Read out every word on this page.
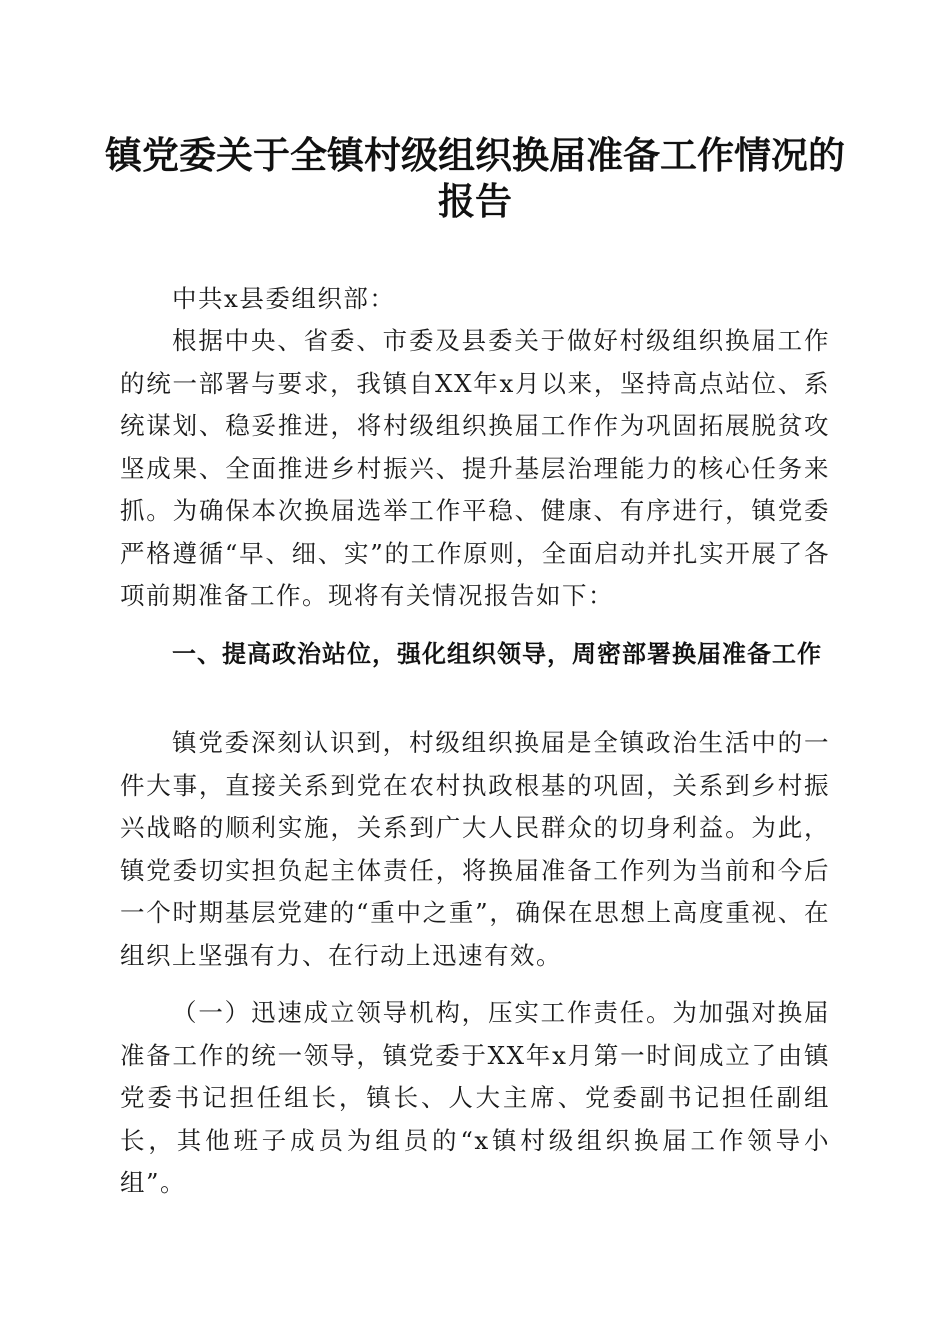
镇党委关于全镇村级组织换届准备工作情况的
报告
中共x县委组织部：
根据中央、省委、市委及县委关于做好村级组织换届工作的统一部署与要求，我镇自XX年x月以来，坚持高点站位、系统谋划、稳妥推进，将村级组织换届工作作为巩固拓展脱贫攻坚成果、全面推进乡村振兴、提升基层治理能力的核心任务来抓。为确保本次换届选举工作平稳、健康、有序进行，镇党委严格遵循“早、细、实”的工作原则，全面启动并扎实开展了各项前期准备工作。现将有关情况报告如下：
一、提高政治站位，强化组织领导，周密部署换届准备工作
镇党委深刻认识到，村级组织换届是全镇政治生活中的一件大事，直接关系到党在农村执政根基的巩固，关系到乡村振兴战略的顺利实施，关系到广大人民群众的切身利益。为此，镇党委切实担负起主体责任，将换届准备工作列为当前和今后一个时期基层党建的“重中之重”，确保在思想上高度重视、在组织上坚强有力、在行动上迅速有效。
（一）迅速成立领导机构，压实工作责任。为加强对换届准备工作的统一领导，镇党委于XX年x月第一时间成立了由镇党委书记担任组长，镇长、人大主席、党委副书记担任副组长，其他班子成员为组员的“x镇村级组织换届工作领导小组”。
